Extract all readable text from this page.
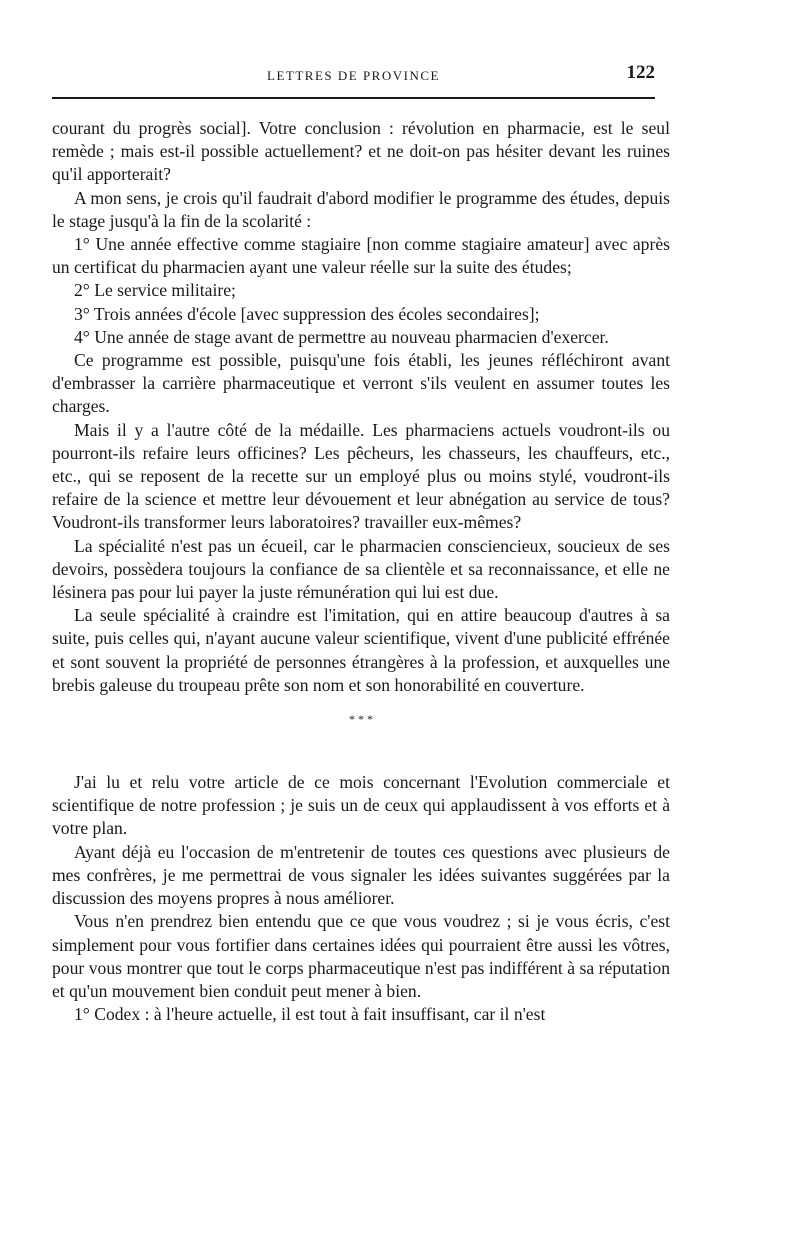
LETTRES DE PROVINCE	122

courant du progrès social]. Votre conclusion : révolution en pharmacie, est le seul remède ; mais est-il possible actuellement? et ne doit-on pas hésiter devant les ruines qu'il apporterait?

A mon sens, je crois qu'il faudrait d'abord modifier le programme des études, depuis le stage jusqu'à la fin de la scolarité :

1° Une année effective comme stagiaire [non comme stagiaire amateur] avec après un certificat du pharmacien ayant une valeur réelle sur la suite des études;

2° Le service militaire;

3° Trois années d'école [avec suppression des écoles secondaires];

4° Une année de stage avant de permettre au nouveau pharmacien d'exercer.

Ce programme est possible, puisqu'une fois établi, les jeunes réfléchiront avant d'embrasser la carrière pharmaceutique et verront s'ils veulent en assumer toutes les charges.

Mais il y a l'autre côté de la médaille. Les pharmaciens actuels voudront-ils ou pourront-ils refaire leurs officines? Les pêcheurs, les chasseurs, les chauffeurs, etc., etc., qui se reposent de la recette sur un employé plus ou moins stylé, voudront-ils refaire de la science et mettre leur dévouement et leur abnégation au service de tous? Voudront-ils transformer leurs laboratoires? travailler eux-mêmes?

La spécialité n'est pas un écueil, car le pharmacien consciencieux, soucieux de ses devoirs, possèdera toujours la confiance de sa clientèle et sa reconnaissance, et elle ne lésinera pas pour lui payer la juste rémunération qui lui est due.

La seule spécialité à craindre est l'imitation, qui en attire beaucoup d'autres à sa suite, puis celles qui, n'ayant aucune valeur scientifique, vivent d'une publicité effrénée et sont souvent la propriété de personnes étrangères à la profession, et auxquelles une brebis galeuse du troupeau prête son nom et son honorabilité en couverture.

* * *

J'ai lu et relu votre article de ce mois concernant l'Evolution commerciale et scientifique de notre profession ; je suis un de ceux qui applaudissent à vos efforts et à votre plan.

Ayant déjà eu l'occasion de m'entretenir de toutes ces questions avec plusieurs de mes confrères, je me permettrai de vous signaler les idées suivantes suggérées par la discussion des moyens propres à nous améliorer.

Vous n'en prendrez bien entendu que ce que vous voudrez ; si je vous écris, c'est simplement pour vous fortifier dans certaines idées qui pourraient être aussi les vôtres, pour vous montrer que tout le corps pharmaceutique n'est pas indifférent à sa réputation et qu'un mouvement bien conduit peut mener à bien.

1° Codex : à l'heure actuelle, il est tout à fait insuffisant, car il n'est
